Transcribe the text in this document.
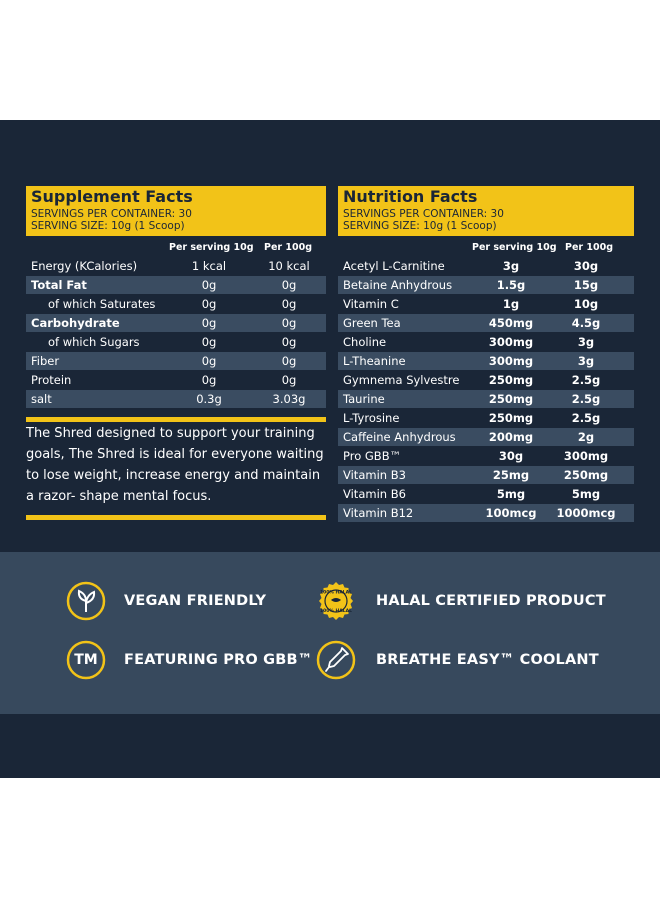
Supplement Facts
SERVINGS PER CONTAINER: 30
SERVING SIZE: 10g (1 Scoop)
Per serving 10g Per 100g
Energy (KCalories)	1 kcal	10 kcal
Total Fat	0g	0g
of which Saturates	0g	0g
Carbohydrate	0g	0g
of which Sugars	0g	0g
Fiber	0g	0g
Protein	0g	0g
salt	0.3g	3.03g
The Shred designed to support your training goals, The Shred is ideal for everyone waiting to lose weight, increase energy and maintain a razor- shape mental focus.
Nutrition Facts
SERVINGS PER CONTAINER: 30
SERVING SIZE: 10g (1 Scoop)
Per serving 10g Per 100g
Acetyl L-Carnitine	3g	30g
Betaine Anhydrous	1.5g	15g
Vitamin C	1g	10g
Green Tea	450mg	4.5g
Choline	300mg	3g
L-Theanine	300mg	3g
Gymnema Sylvestre	250mg	2.5g
Taurine	250mg	2.5g
L-Tyrosine	250mg	2.5g
Caffeine Anhydrous	200mg	2g
Pro GBB™	30g	300mg
Vitamin B3	25mg	250mg
Vitamin B6	5mg	5mg
Vitamin B12	100mcg	1000mcg
VEGAN FRIENDLY	100% HALAL
100% HALAL
HALAL CERTIFIED PRODUCT
TM	FEATURING PRO GBB™	BREATHE EASY™ COOLANT
